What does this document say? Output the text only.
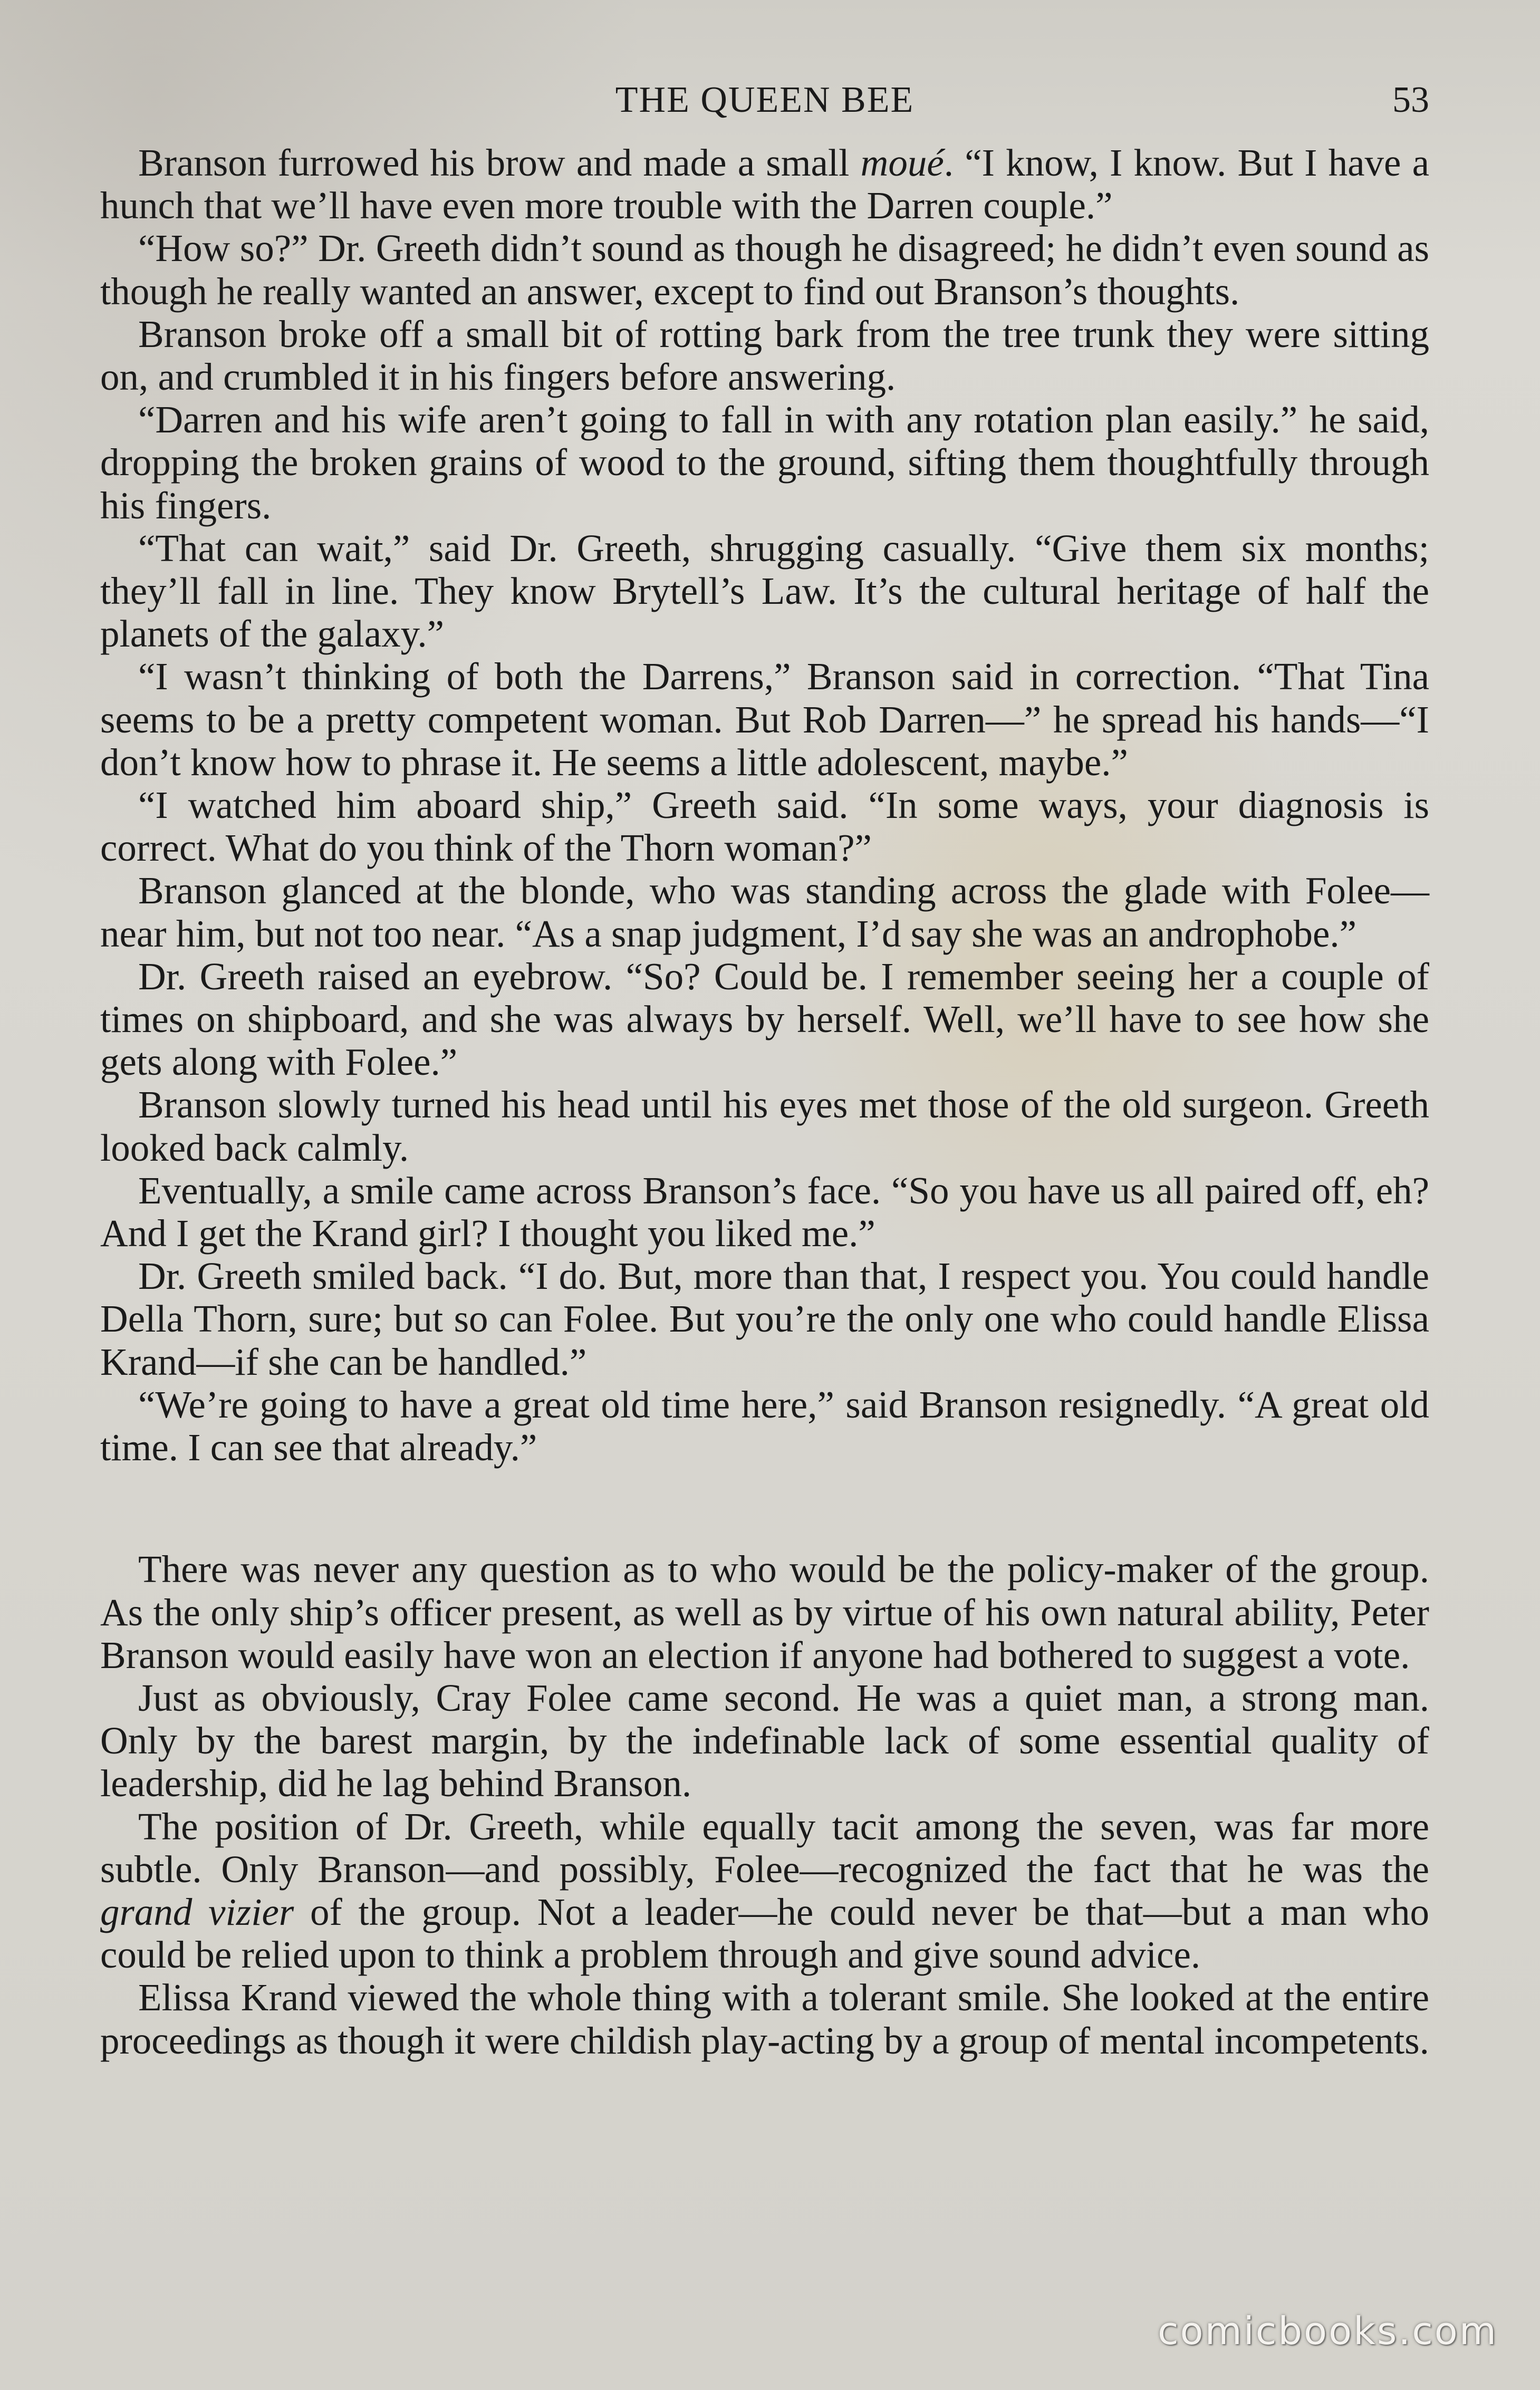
THE QUEEN BEE	53

Branson furrowed his brow and made a small moué. “I know, I know. But I have a hunch that we’ll have even more trouble with the Darren couple.”

“How so?” Dr. Greeth didn’t sound as though he disagreed; he didn’t even sound as though he really wanted an answer, except to find out Branson’s thoughts.

Branson broke off a small bit of rotting bark from the tree trunk they were sitting on, and crumbled it in his fingers before answering.

“Darren and his wife aren’t going to fall in with any rotation plan easily.” he said, dropping the broken grains of wood to the ground, sifting them thoughtfully through his fingers.

“That can wait,” said Dr. Greeth, shrugging casually. “Give them six months; they’ll fall in line. They know Brytell’s Law. It’s the cultural heritage of half the planets of the galaxy.”

“I wasn’t thinking of both the Darrens,” Branson said in correction. “That Tina seems to be a pretty competent woman. But Rob Darren—” he spread his hands—“I don’t know how to phrase it. He seems a little adolescent, maybe.”

“I watched him aboard ship,” Greeth said. “In some ways, your diagnosis is correct. What do you think of the Thorn woman?”

Branson glanced at the blonde, who was standing across the glade with Folee—near him, but not too near. “As a snap judgment, I’d say she was an androphobe.”

Dr. Greeth raised an eyebrow. “So? Could be. I remember seeing her a couple of times on shipboard, and she was always by herself. Well, we’ll have to see how she gets along with Folee.”

Branson slowly turned his head until his eyes met those of the old surgeon. Greeth looked back calmly.

Eventually, a smile came across Branson’s face. “So you have us all paired off, eh? And I get the Krand girl? I thought you liked me.”

Dr. Greeth smiled back. “I do. But, more than that, I respect you. You could handle Della Thorn, sure; but so can Folee. But you’re the only one who could handle Elissa Krand—if she can be handled.”

“We’re going to have a great old time here,” said Branson resignedly. “A great old time. I can see that already.”

There was never any question as to who would be the policy-maker of the group. As the only ship’s officer present, as well as by virtue of his own natural ability, Peter Branson would easily have won an election if anyone had bothered to suggest a vote.

Just as obviously, Cray Folee came second. He was a quiet man, a strong man. Only by the barest margin, by the indefinable lack of some essential quality of leadership, did he lag behind Branson.

The position of Dr. Greeth, while equally tacit among the seven, was far more subtle. Only Branson—and possibly, Folee—recognized the fact that he was the grand vizier of the group. Not a leader—he could never be that—but a man who could be relied upon to think a problem through and give sound advice.

Elissa Krand viewed the whole thing with a tolerant smile. She looked at the entire proceedings as though it were childish play-acting by a group of mental incompetents.

comicbooks.com
